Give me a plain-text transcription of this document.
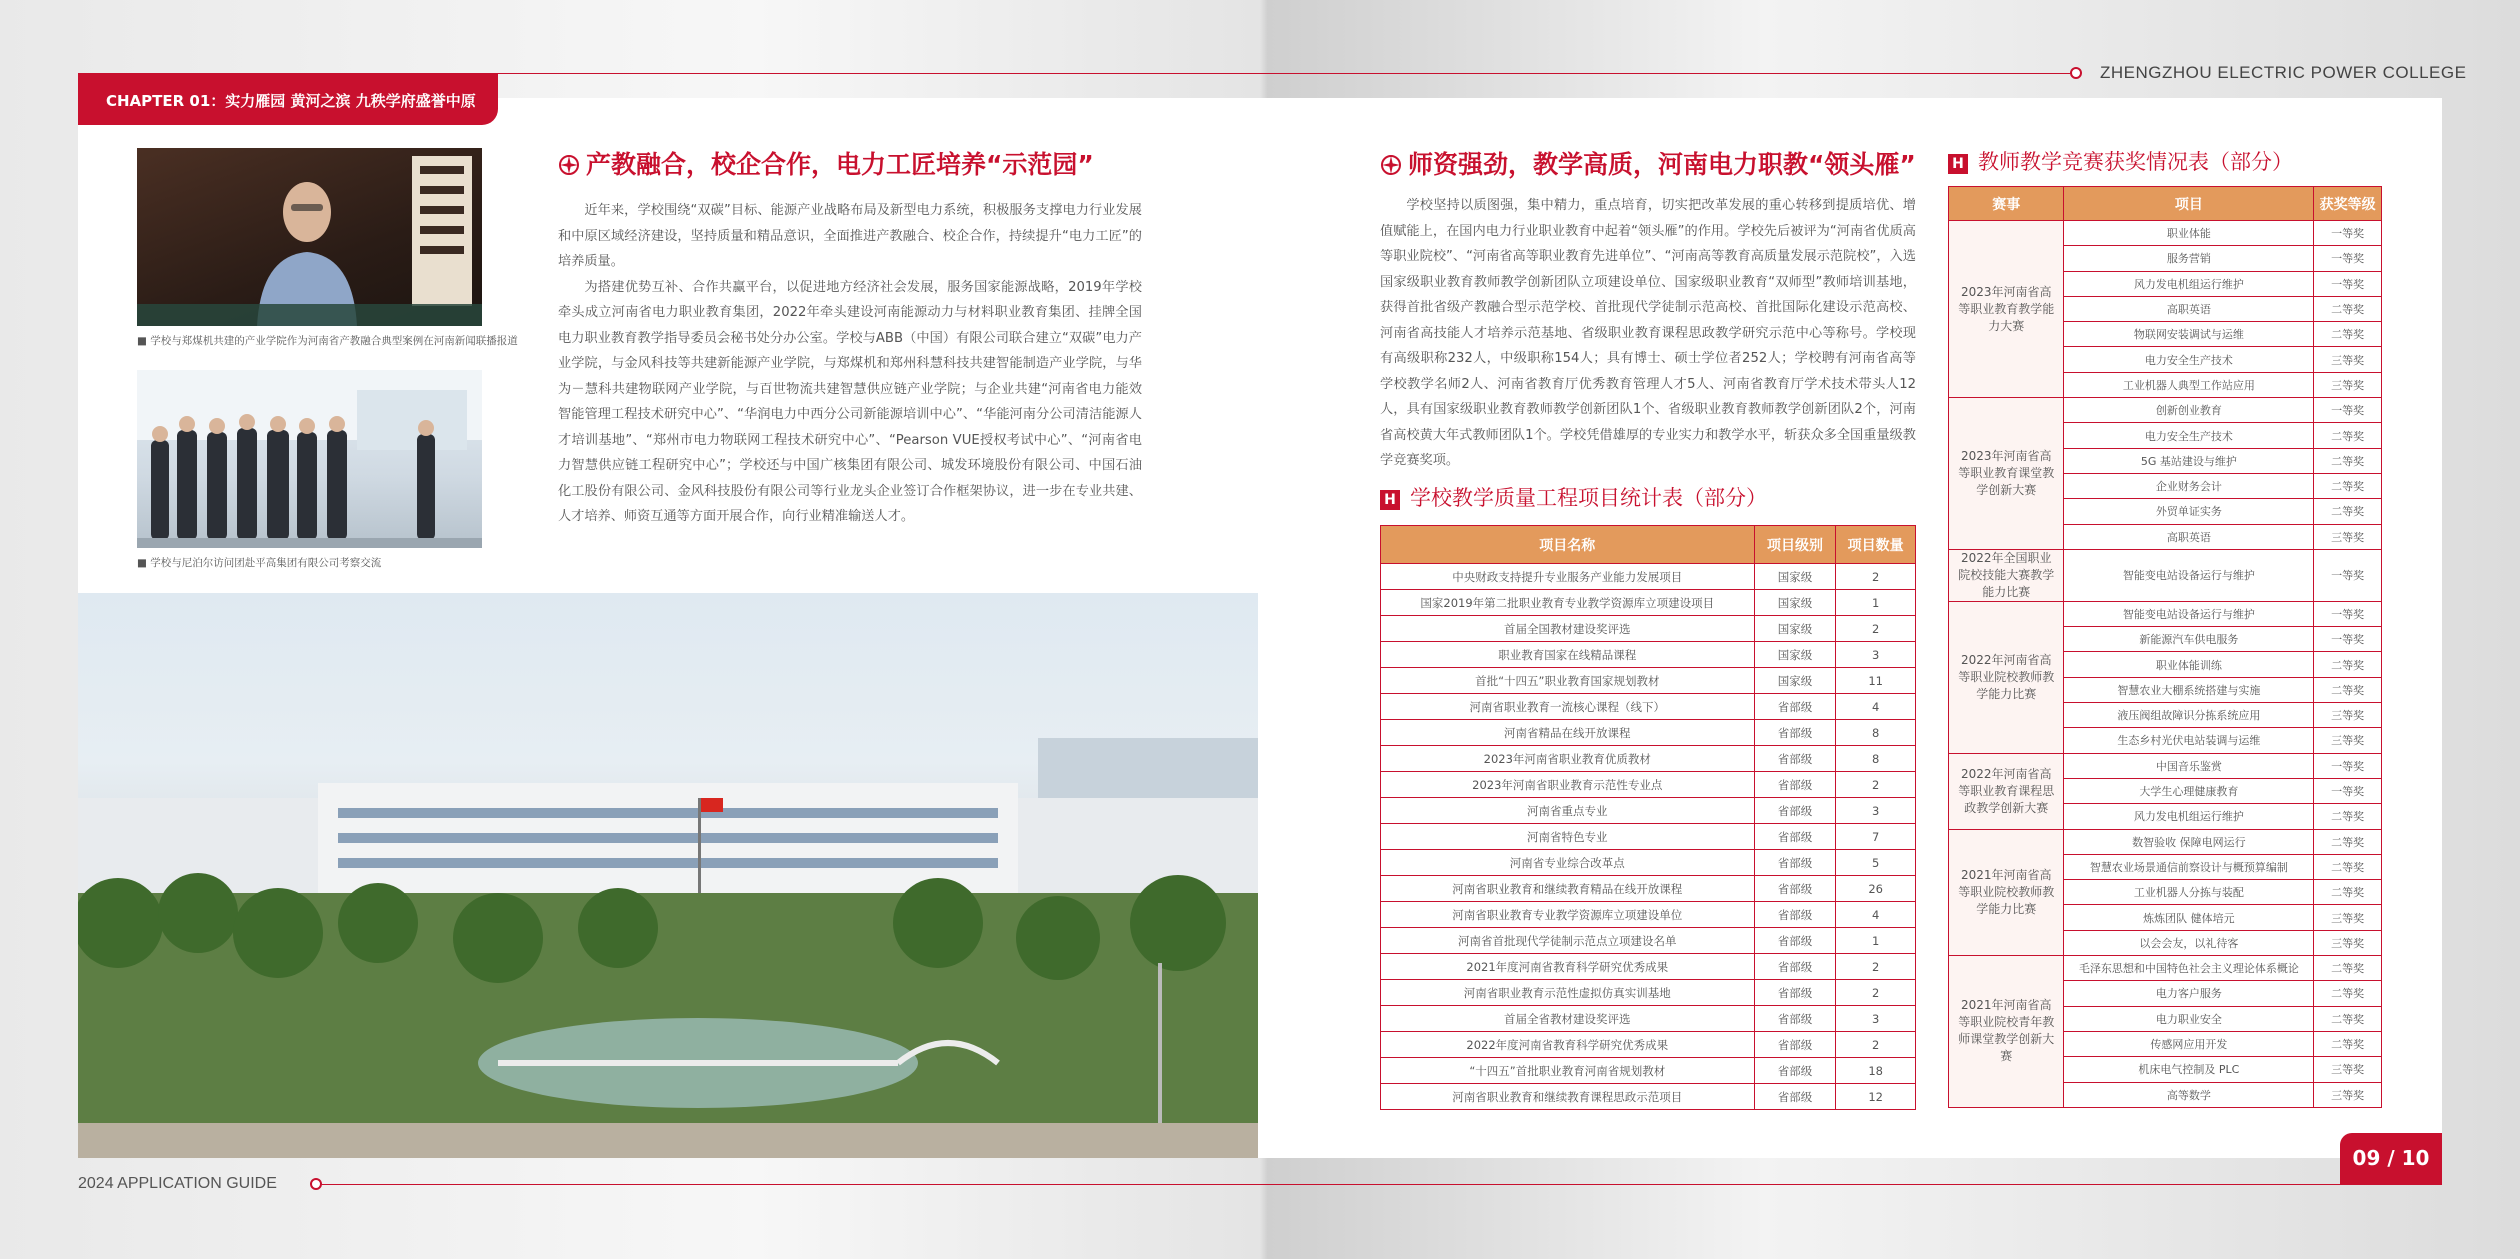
ZHENGZHOU ELECTRIC POWER COLLEGE
CHAPTER 01：实力雁园 黄河之滨 九秩学府盛誉中原
■ 学校与郑煤机共建的产业学院作为河南省产教融合典型案例在河南新闻联播报道
■ 学校与尼泊尔访问团赴平高集团有限公司考察交流
产教融合，校企合作，电力工匠培养“示范园”

近年来，学校围绕“双碳”目标、能源产业战略布局及新型电力系统，积极服务支撑电力行业发展和中原区域经济建设，坚持质量和精品意识，全面推进产教融合、校企合作，持续提升“电力工匠”的培养质量。

为搭建优势互补、合作共赢平台，以促进地方经济社会发展，服务国家能源战略，2019年学校牵头成立河南省电力职业教育集团，2022年牵头建设河南能源动力与材料职业教育集团、挂牌全国电力职业教育教学指导委员会秘书处分办公室。学校与ABB（中国）有限公司联合建立“双碳”电力产业学院，与金风科技等共建新能源产业学院，与郑煤机和郑州科慧科技共建智能制造产业学院，与华为－慧科共建物联网产业学院，与百世物流共建智慧供应链产业学院；与企业共建“河南省电力能效智能管理工程技术研究中心”、“华润电力中西分公司新能源培训中心”、“华能河南分公司清洁能源人才培训基地”、“郑州市电力物联网工程技术研究中心”、“Pearson VUE授权考试中心”、“河南省电力智慧供应链工程研究中心”；学校还与中国广核集团有限公司、城发环境股份有限公司、中国石油化工股份有限公司、金风科技股份有限公司等行业龙头企业签订合作框架协议，进一步在专业共建、人才培养、师资互通等方面开展合作，向行业精准输送人才。

师资强劲，教学高质，河南电力职教“领头雁”

学校坚持以质图强，集中精力，重点培育，切实把改革发展的重心转移到提质培优、增值赋能上，在国内电力行业职业教育中起着“领头雁”的作用。学校先后被评为“河南省优质高等职业院校”、“河南省高等职业教育先进单位”、“河南高等教育高质量发展示范院校”，入选国家级职业教育教师教学创新团队立项建设单位、国家级职业教育“双师型”教师培训基地，获得首批省级产教融合型示范学校、首批现代学徒制示范高校、首批国际化建设示范高校、河南省高技能人才培养示范基地、省级职业教育课程思政教学研究示范中心等称号。学校现有高级职称232人，中级职称154人；具有博士、硕士学位者252人；学校聘有河南省高等学校教学名师2人、河南省教育厅优秀教育管理人才5人、河南省教育厅学术技术带头人12人，具有国家级职业教育教师教学创新团队1个、省级职业教育教师教学创新团队2个，河南省高校黄大年式教师团队1个。学校凭借雄厚的专业实力和教学水平，斩获众多全国重量级教学竞赛奖项。

H 学校教学质量工程项目统计表（部分）
项目名称	项目级别	项目数量
中央财政支持提升专业服务产业能力发展项目	国家级	2
国家2019年第二批职业教育专业教学资源库立项建设项目	国家级	1
首届全国教材建设奖评选	国家级	2
职业教育国家在线精品课程	国家级	3
首批“十四五”职业教育国家规划教材	国家级	11
河南省职业教育一流核心课程（线下）	省部级	4
河南省精品在线开放课程	省部级	8
2023年河南省职业教育优质教材	省部级	8
2023年河南省职业教育示范性专业点	省部级	2
河南省重点专业	省部级	3
河南省特色专业	省部级	7
河南省专业综合改革点	省部级	5
河南省职业教育和继续教育精品在线开放课程	省部级	26
河南省职业教育专业教学资源库立项建设单位	省部级	4
河南省首批现代学徒制示范点立项建设名单	省部级	1
2021年度河南省教育科学研究优秀成果	省部级	2
河南省职业教育示范性虚拟仿真实训基地	省部级	2
首届全省教材建设奖评选	省部级	3
2022年度河南省教育科学研究优秀成果	省部级	2
“十四五”首批职业教育河南省规划教材	省部级	18
河南省职业教育和继续教育课程思政示范项目	省部级	12
H 教师教学竞赛获奖情况表（部分）
赛事	项目	获奖等级
2023年河南省高等职业教育教学能力大赛	职业体能	一等奖
	服务营销	一等奖
	风力发电机组运行维护	一等奖
	高职英语	二等奖
	物联网安装调试与运维	二等奖
	电力安全生产技术	三等奖
	工业机器人典型工作站应用	三等奖
2023年河南省高等职业教育课堂教学创新大赛	创新创业教育	一等奖
	电力安全生产技术	二等奖
	5G 基站建设与维护	二等奖
	企业财务会计	二等奖
	外贸单证实务	二等奖
	高职英语	三等奖
2022年全国职业院校技能大赛教学能力比赛	智能变电站设备运行与维护	一等奖
2022年河南省高等职业院校教师教学能力比赛	智能变电站设备运行与维护	一等奖
	新能源汽车供电服务	一等奖
	职业体能训练	二等奖
	智慧农业大棚系统搭建与实施	二等奖
	液压阀组故障识分拣系统应用	三等奖
	生态乡村光伏电站装调与运维	三等奖
2022年河南省高等职业教育课程思政教学创新大赛	中国音乐鉴赏	一等奖
	大学生心理健康教育	一等奖
	风力发电机组运行维护	二等奖
2021年河南省高等职业院校教师教学能力比赛	数智验收 保障电网运行	二等奖
	智慧农业场景通信前察设计与概预算编制	二等奖
	工业机器人分拣与装配	二等奖
	炼炼团队 健体培元	三等奖
	以会会友，以礼待客	三等奖
2021年河南省高等职业院校青年教师课堂教学创新大赛	毛泽东思想和中国特色社会主义理论体系概论	二等奖
	电力客户服务	二等奖
	电力职业安全	二等奖
	传感网应用开发	二等奖
	机床电气控制及 PLC	三等奖
	高等数学	三等奖
2024 APPLICATION GUIDE
09 / 10
